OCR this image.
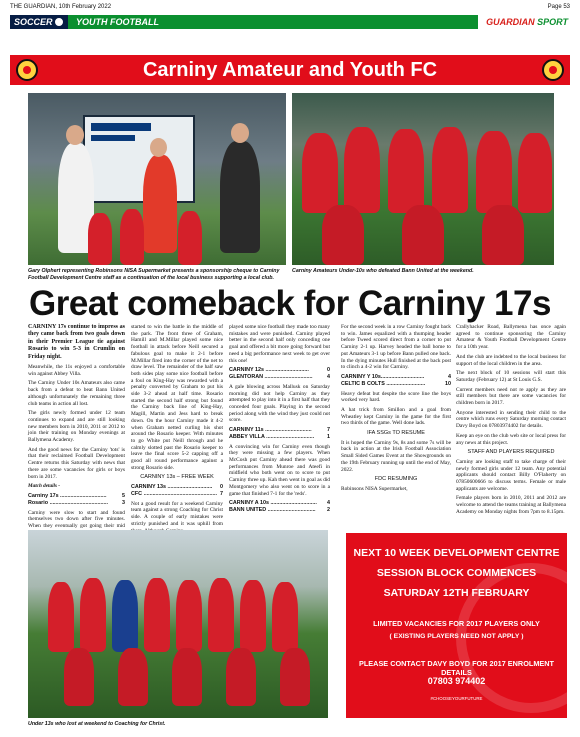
THE GUARDIAN, 10th February 2022	Page 53
SOCCER	YOUTH FOOTBALL	GUARDIAN SPORT
Carniny Amateur and Youth FC
Gary Olphert representing Robinsons NISA Supermarket presents a sponsorship cheque to Carniny Football Development Centre staff as a continuation of the local business supporting a local club.
Carniny Amateurs Under-10s who defeated Bann United at the weekend.
Great comeback for Carniny 17s

CARNINY 17s continue to impress as they came back from two goals down in their Premier League tie against Rosario to win 5-3 in Crumlin on Friday night.

Meanwhile, the 11s enjoyed a comfortable win against Abbey Villa.

The Carniny Under 10s Amateurs also came back from a defeat to beat Bann United although unfortunately the remaining three club teams in action all lost.

The girls newly formed under 12 team continues to expand and are still looking new members born in 2010, 2011 or 2012 to join their training on Monday evenings at Ballymena Academy.

And the good news for the Carniny 'tots' is that their reclaimed Football Development Centre returns this Saturday with news that there are some vacancies for girls or boys born in 2017.

Match details -

Carniny 17s ...............................	5
Rosario .......................................	3

Carniny were slow to start and found themselves two down after five minutes. When they eventually got going their mid

started to win the battle in the middle of the park. The front three of Graham, Hamill and M.Millar played some nice football in attack before Neill secured a fabulous goal to make it 2-1 before M.Millar fired into the corner of the net to draw level. The remainder of the half saw both sides play some nice football before a foul on King-Hay was rewarded with a penalty converted by Graham to put his side 3-2 ahead at half time. Rosario started the second half strong but found the Carniny back line of King-Hay, Magill, Martin and Jess hard to break down. On the hour Carniny made it 4-2 when Graham netted curling his shot around the Rosario keeper. With minutes to go White put Neill through and he calmly slotted past the Rosario keeper to leave the final score 5-2 capping off a good all round performance against a strong Rosario side.

CARNINY 13s – FREE WEEK
CARNINY 13s .............................. 0
CFC ................................................. 7

Not a good result for a weekend Carniny team against a strong Coaching for Christ side. A couple of early mistakes were strictly punished and it was uphill from

played some nice football they made too many mistakes and were punished. Carniny played better in the second half only conceding one goal and offered a bit more going forward but need a big performance next week to get over this one!

CARNINY 12s .............................	0
GLENTORAN ................................	4

A gale blowing across Mallusk on Saturday morning did not help Carniny as they attempted to play into it in a first half that they conceded four goals. Playing in the second period along with the wind they just could not score.

CARNINY 11s ...............................	7
ABBEY VILLA ................................ 1

A convincing win for Carniny even though they were missing a few players. When McCosh put Carniny ahead there was good performances from Munroe and Ateefi in midfield who both went on to score to put Carniny three up. Kah then went in goal as did Montgomery who also went on to score in a game that finished 7-1 for the 'reds'.

CARNINY A 10s ............................... 4
BANN UNITED ................................ 2

For the second week in a row Carniny fought back to win. James equalized with a thumping header before Tweed scored direct from a corner to put Carniny 2-1 up. Harvey headed the ball home to put Amateurs 3-1 up before Bann pulled one back. In the dying minutes Hull finished at the back post to clinch a 4-2 win for Carniny.

CARNINY Y 10s.............................	4
CELTIC B COLTS ..........................	10

Heavy defeat but despite the score line the boys worked very hard.

A hat trick from Smillon and a goal from Wheatley kept Carniny in the game for the first two thirds of the game. Well done lads.

IFA SSGs TO RESUME

It is hoped the Carniny 9s, 8s and some 7s will be back in action at the Irish Football Association Small Sided Games Event at the Showgrounds on the 19th February running up until the end of May, 2022.

FDC RESUMING

Robinsons NISA Supermarket,

Crallyhacker Road, Ballymena has once again agreed to continue sponsoring the Carniny Amateur & Youth Football Development Centre for a 10th year.

And the club are indebted to the local business for support of the local children in the area.

The next block of 10 sessions will start this Saturday (February 12) at St Louis G.S.

Current members need not re apply as they are still members but there are some vacancies for children born in 2017.

Anyone interested in sending their child to the centre which runs every Saturday morning contact Davy Boyd on 07803974402 for details.

Keep an eye on the club web site or local press for any news at this project.

STAFF AND PLAYERS REQUIRED

Carniny are looking staff to take charge of their newly formed girls under 12 team. Any potential applicants should contact Billy O'Flaherty on 07850600666 to discuss terms. Female or male applicants are welcome.

Female players born in 2010, 2011 and 2012 are welcome to attend the teams training at Ballymena Academy on Monday nights from 7pm to 8.15pm.

Under 13s who lost at weekend to Coaching for Christ.
NEXT 10 WEEK DEVELOPMENT CENTRE
SESSION BLOCK COMMENCES
SATURDAY 12TH FEBRUARY
LIMITED VACANCIES FOR 2017 PLAYERS ONLY
( EXISTING PLAYERS NEED NOT APPLY )
PLEASE CONTACT DAVY BOYD FOR 2017 ENROLMENT DETAILS
07803 974402
#CHOOSEYOURFUTURE
